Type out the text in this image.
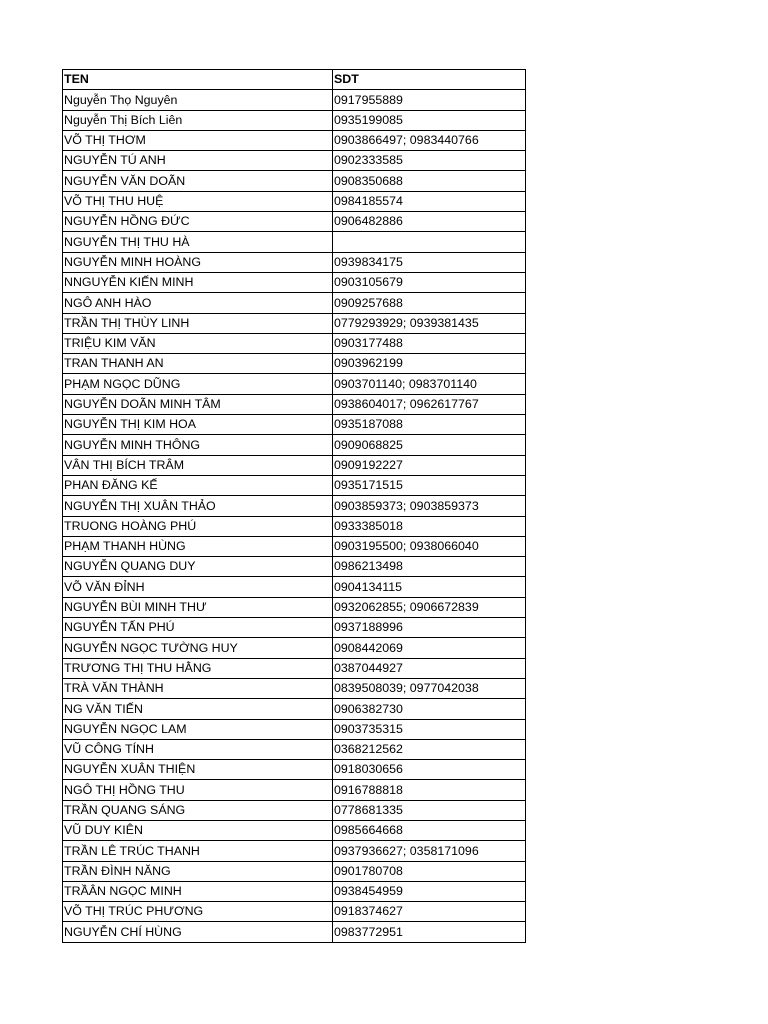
TEN	SDT
Nguyễn Thọ Nguyên	0917955889
Nguyễn Thị Bích Liên	0935199085
VÕ THỊ THƠM	0903866497; 0983440766
NGUYỄN TÚ ANH	0902333585
NGUYỄN VĂN DOÃN	0908350688
VÕ THỊ THU HUỆ	0984185574
NGUYỄN HỒNG ĐỨC	0906482886
NGUYỄN THỊ THU HÀ	
NGUYỄN MINH HOÀNG	0939834175
NNGUYỄN KIẾN MINH	0903105679
NGÔ ANH HÀO	0909257688
TRẦN THỊ THÙY LINH	0779293929; 0939381435
TRIỆU KIM VĂN	0903177488
TRAN THANH AN	0903962199
PHẠM NGỌC DŨNG	0903701140; 0983701140
NGUYỄN DOÃN MINH TÂM	0938604017; 0962617767
NGUYỄN THỊ KIM HOA	0935187088
NGUYỄN MINH THÔNG	0909068825
VÂN THỊ BÍCH TRÂM	0909192227
PHAN ĐĂNG KẾ	0935171515
NGUYỄN THỊ XUÂN THẢO	0903859373; 0903859373
TRUONG HOÀNG PHÚ	0933385018
PHẠM THANH HÙNG	0903195500; 0938066040
NGUYỄN QUANG DUY	0986213498
VÕ VĂN ĐỈNH	0904134115
NGUYỄN BÙI MINH THƯ	0932062855; 0906672839
NGUYỄN TẤN PHÚ	0937188996
NGUYỄN NGỌC TƯỜNG HUY	0908442069
TRƯƠNG THỊ THU HẰNG	0387044927
TRÀ VĂN THÀNH	0839508039; 0977042038
NG VĂN TIẾN	0906382730
NGUYỄN NGỌC LAM	0903735315
VŨ CÔNG TÍNH	0368212562
NGUYỄN XUÂN THIỆN	0918030656
NGÔ THỊ HỒNG THU	0916788818
TRẦN QUANG SÁNG	0778681335
VŨ DUY KIÊN	0985664668
TRẦN LÊ TRÚC THANH	0937936627; 0358171096
TRẦN ĐÌNH NĂNG	0901780708
TRẦÂN NGỌC MINH	0938454959
VÕ THỊ TRÚC PHƯƠNG	0918374627
NGUYỄN CHÍ HÙNG	0983772951
